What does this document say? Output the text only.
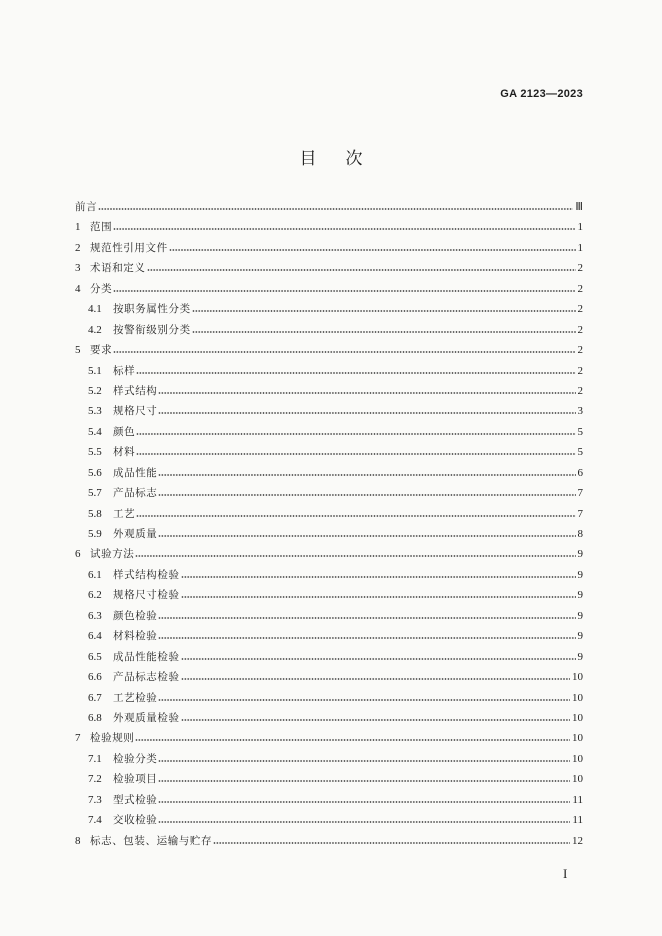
GA 2123—2023
目　次
前言	Ⅲ
1 范围	1
2 规范性引用文件	1
3 术语和定义	2
4 分类	2
4.1	按职务属性分类	2
4.2	按警衔级别分类	2
5 要求	2
5.1	标样	2
5.2	样式结构	2
5.3	规格尺寸	3
5.4	颜色	5
5.5	材料	5
5.6	成品性能	6
5.7	产品标志	7
5.8	工艺	7
5.9	外观质量	8
6 试验方法	9
6.1	样式结构检验	9
6.2	规格尺寸检验	9
6.3	颜色检验	9
6.4	材料检验	9
6.5	成品性能检验	9
6.6	产品标志检验	10
6.7	工艺检验	10
6.8	外观质量检验	10
7 检验规则	10
7.1	检验分类	10
7.2	检验项目	10
7.3	型式检验	11
7.4	交收检验	11
8 标志、包装、运输与贮存	12
I
